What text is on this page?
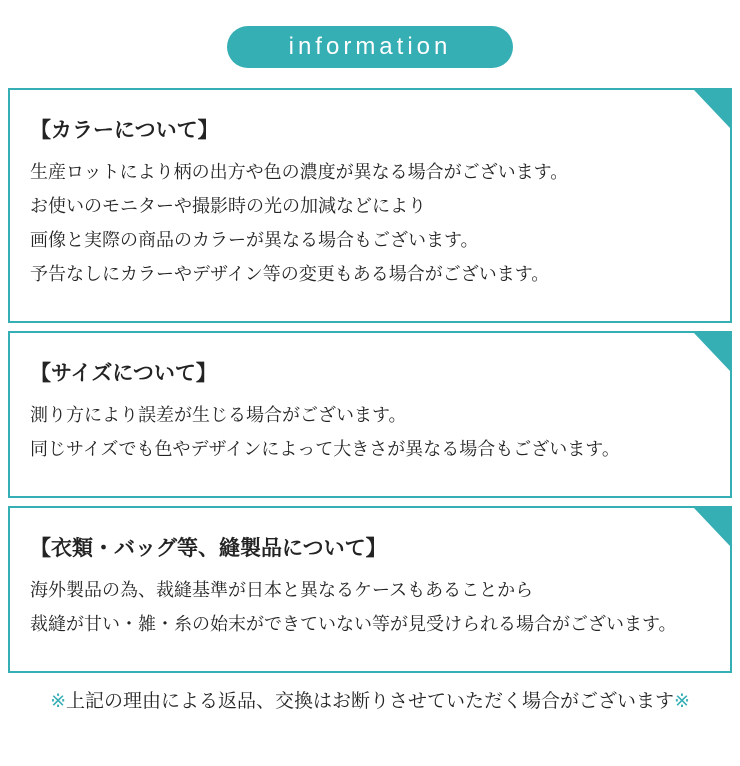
information

【カラーについて】

生産ロットにより柄の出方や色の濃度が異なる場合がございます。

お使いのモニターや撮影時の光の加減などにより

画像と実際の商品のカラーが異なる場合もございます。

予告なしにカラーやデザイン等の変更もある場合がございます。

【サイズについて】

測り方により誤差が生じる場合がございます。

同じサイズでも色やデザインによって大きさが異なる場合もございます。

【衣類・バッグ等、縫製品について】

海外製品の為、裁縫基準が日本と異なるケースもあることから

裁縫が甘い・雑・糸の始末ができていない等が見受けられる場合がございます。

※上記の理由による返品、交換はお断りさせていただく場合がございます※
